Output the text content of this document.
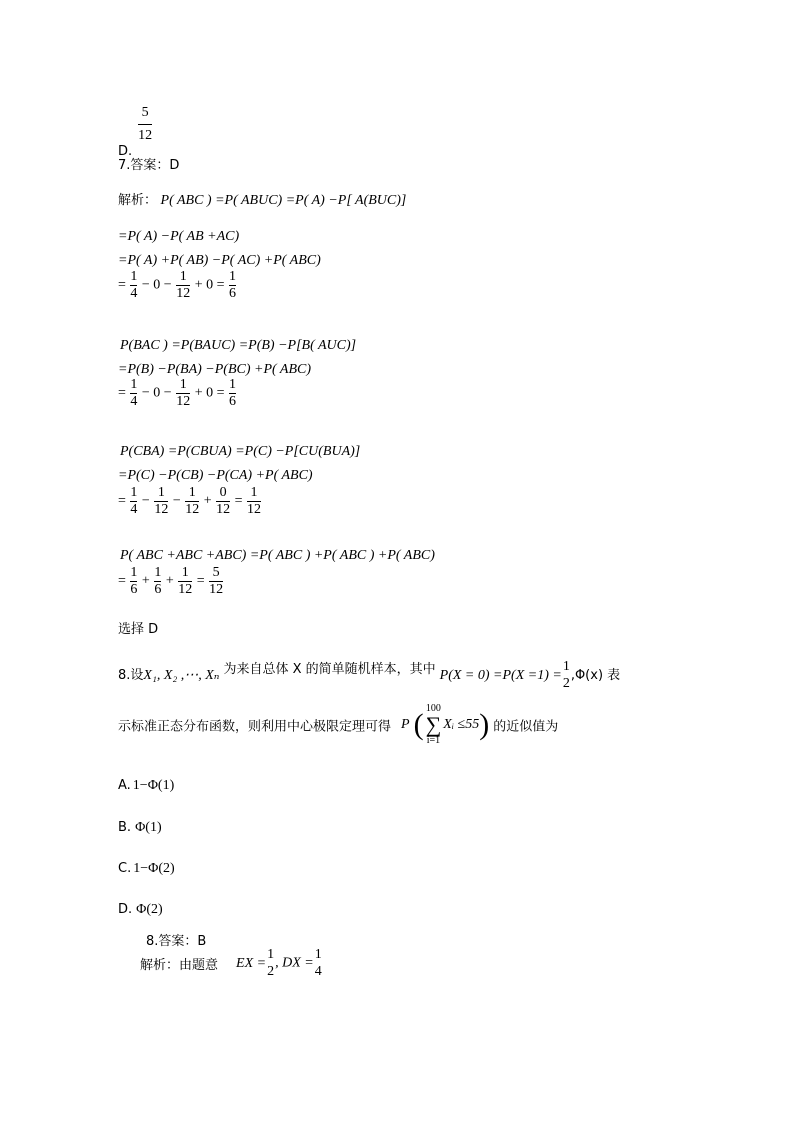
$_{D.}$
$\frac{5}{12}$
7.答案：D
解析： P( ABC ) =P( ABUC) =P( A) −P[ A(BUC)]
=P( A) −P( AB +AC)
=P( A) +P( AB) −P( AC) +P( ABC)
= $\frac{1}{4} - 0 - \frac{1}{12} + 0 = \frac{1}{6}$
P(BAC ) =P(BAUC) =P(B) −P[B( AUC)]
=P(B) −P(BA) −P(BC) +P( ABC)
= $\frac{1}{4} - 0 - \frac{1}{12} + 0 = \frac{1}{6}$
P(CBA) =P(CBUA) =P(C) −P[CU(BUA)]
=P(C) −P(CB) −P(CA) +P( ABC)
= $\frac{1}{4} - \frac{1}{12} - \frac{1}{12} + \frac{0}{12} = \frac{1}{12}$
P( ABC +ABC +ABC) =P( ABC ) +P( ABC ) +P( ABC)
= $\frac{1}{6} + \frac{1}{6} + \frac{1}{12} = \frac{5}{12}$
选择 D
8.设X₁, X₂ ,⋯, Xₙ $^{为来自总体 X 的简单随机样本,其中}$ P(X = 0) =P(X =1) =
1
2
,Φ(x) 表
示标准正态分布函数，则利用中心极限定理可得 P ( 100
∑
i=1Xᵢ ≤55) 的近似值为
A. 1−Φ(1)
B. Φ(1)
C. 1−Φ(2)
D. Φ(2)
8.答案：B
解析：由题意 EX =
1
2
, DX =
1
4
